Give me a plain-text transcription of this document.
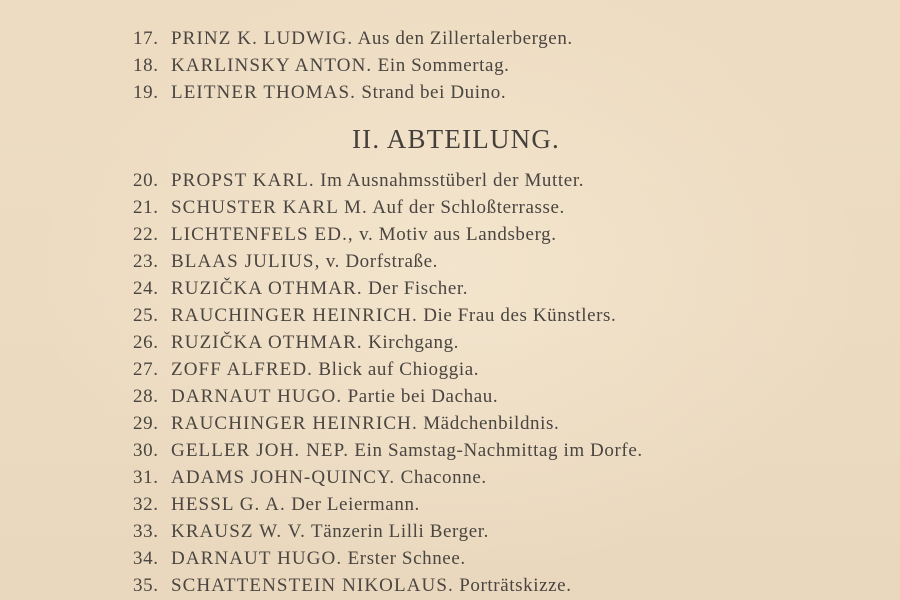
17. PRINZ K. LUDWIG. Aus den Zillertalerbergen.
18. KARLINSKY ANTON. Ein Sommertag.
19. LEITNER THOMAS. Strand bei Duino.
20. PROPST KARL. Im Ausnahmsstüberl der Mutter.
21. SCHUSTER KARL M. Auf der Schloßterrasse.
22. LICHTENFELS ED., v. Motiv aus Landsberg.
23. BLAAS JULIUS, v. Dorfstraße.
24. RUZIČKA OTHMAR. Der Fischer.
25. RAUCHINGER HEINRICH. Die Frau des Künstlers.
26. RUZIČKA OTHMAR. Kirchgang.
27. ZOFF ALFRED. Blick auf Chioggia.
28. DARNAUT HUGO. Partie bei Dachau.
29. RAUCHINGER HEINRICH. Mädchenbildnis.
30. GELLER JOH. NEP. Ein Samstag-Nachmittag im Dorfe.
31. ADAMS JOHN-QUINCY. Chaconne.
32. HESSL G. A. Der Leiermann.
33. KRAUSZ W. V. Tänzerin Lilli Berger.
34. DARNAUT HUGO. Erster Schnee.
35. SCHATTENSTEIN NIKOLAUS. Porträtskizze.
II. ABTEILUNG.
